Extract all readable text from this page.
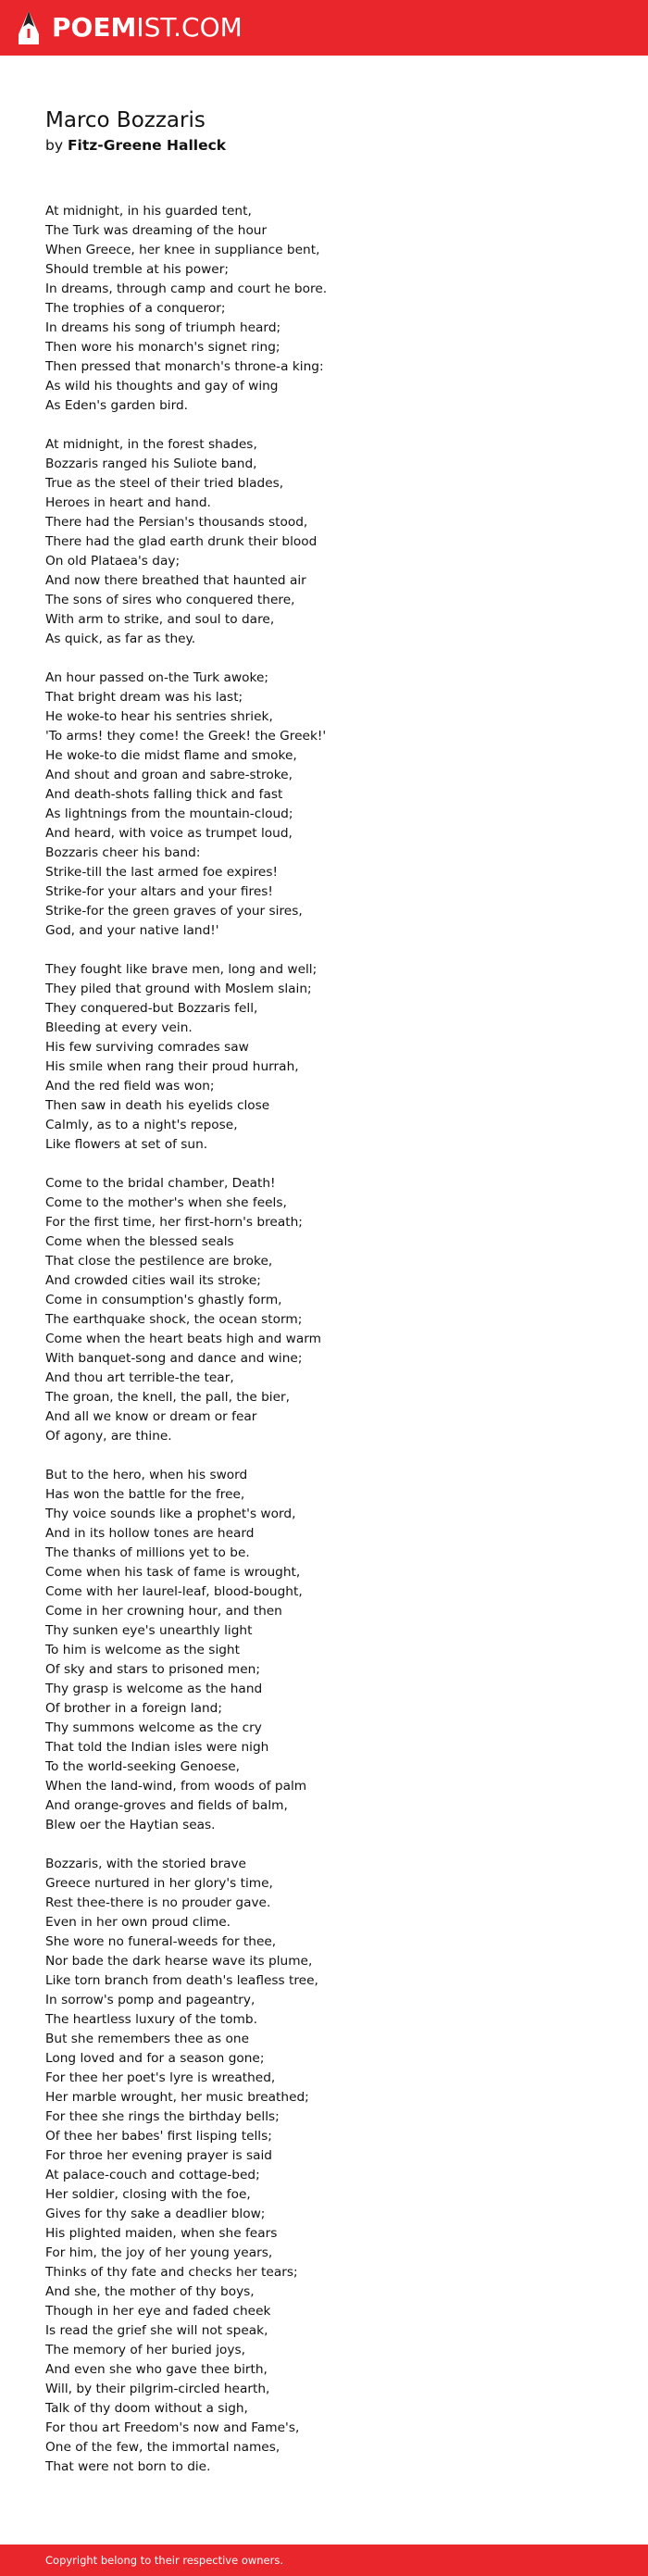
POEMIST.COM
Marco Bozzaris
by Fitz-Greene Halleck
At midnight, in his guarded tent,
The Turk was dreaming of the hour
When Greece, her knee in suppliance bent,
Should tremble at his power;
In dreams, through camp and court he bore.
The trophies of a conqueror;
In dreams his song of triumph heard;
Then wore his monarch's signet ring;
Then pressed that monarch's throne-a king:
As wild his thoughts and gay of wing
As Eden's garden bird.
At midnight, in the forest shades,
Bozzaris ranged his Suliote band,
True as the steel of their tried blades,
Heroes in heart and hand.
There had the Persian's thousands stood,
There had the glad earth drunk their blood
On old Plataea's day;
And now there breathed that haunted air
The sons of sires who conquered there,
With arm to strike, and soul to dare,
As quick, as far as they.
An hour passed on-the Turk awoke;
That bright dream was his last;
He woke-to hear his sentries shriek,
'To arms! they come! the Greek! the Greek!'
He woke-to die midst flame and smoke,
And shout and groan and sabre-stroke,
And death-shots falling thick and fast
As lightnings from the mountain-cloud;
And heard, with voice as trumpet loud,
Bozzaris cheer his band:
Strike-till the last armed foe expires!
Strike-for your altars and your fires!
Strike-for the green graves of your sires,
God, and your native land!'
They fought like brave men, long and well;
They piled that ground with Moslem slain;
They conquered-but Bozzaris fell,
Bleeding at every vein.
His few surviving comrades saw
His smile when rang their proud hurrah,
And the red field was won;
Then saw in death his eyelids close
Calmly, as to a night's repose,
Like flowers at set of sun.
Come to the bridal chamber, Death!
Come to the mother's when she feels,
For the first time, her first-horn's breath;
Come when the blessed seals
That close the pestilence are broke,
And crowded cities wail its stroke;
Come in consumption's ghastly form,
The earthquake shock, the ocean storm;
Come when the heart beats high and warm
With banquet-song and dance and wine;
And thou art terrible-the tear,
The groan, the knell, the pall, the bier,
And all we know or dream or fear
Of agony, are thine.
But to the hero, when his sword
Has won the battle for the free,
Thy voice sounds like a prophet's word,
And in its hollow tones are heard
The thanks of millions yet to be.
Come when his task of fame is wrought,
Come with her laurel-leaf, blood-bought,
Come in her crowning hour, and then
Thy sunken eye's unearthly light
To him is welcome as the sight
Of sky and stars to prisoned men;
Thy grasp is welcome as the hand
Of brother in a foreign land;
Thy summons welcome as the cry
That told the Indian isles were nigh
To the world-seeking Genoese,
When the land-wind, from woods of palm
And orange-groves and fields of balm,
Blew oer the Haytian seas.
Bozzaris, with the storied brave
Greece nurtured in her glory's time,
Rest thee-there is no prouder gave.
Even in her own proud clime.
She wore no funeral-weeds for thee,
Nor bade the dark hearse wave its plume,
Like torn branch from death's leafless tree,
In sorrow's pomp and pageantry,
The heartless luxury of the tomb.
But she remembers thee as one
Long loved and for a season gone;
For thee her poet's lyre is wreathed,
Her marble wrought, her music breathed;
For thee she rings the birthday bells;
Of thee her babes' first lisping tells;
For throe her evening prayer is said
At palace-couch and cottage-bed;
Her soldier, closing with the foe,
Gives for thy sake a deadlier blow;
His plighted maiden, when she fears
For him, the joy of her young years,
Thinks of thy fate and checks her tears;
And she, the mother of thy boys,
Though in her eye and faded cheek
Is read the grief she will not speak,
The memory of her buried joys,
And even she who gave thee birth,
Will, by their pilgrim-circled hearth,
Talk of thy doom without a sigh,
For thou art Freedom's now and Fame's,
One of the few, the immortal names,
That were not born to die.
Copyright belong to their respective owners.
